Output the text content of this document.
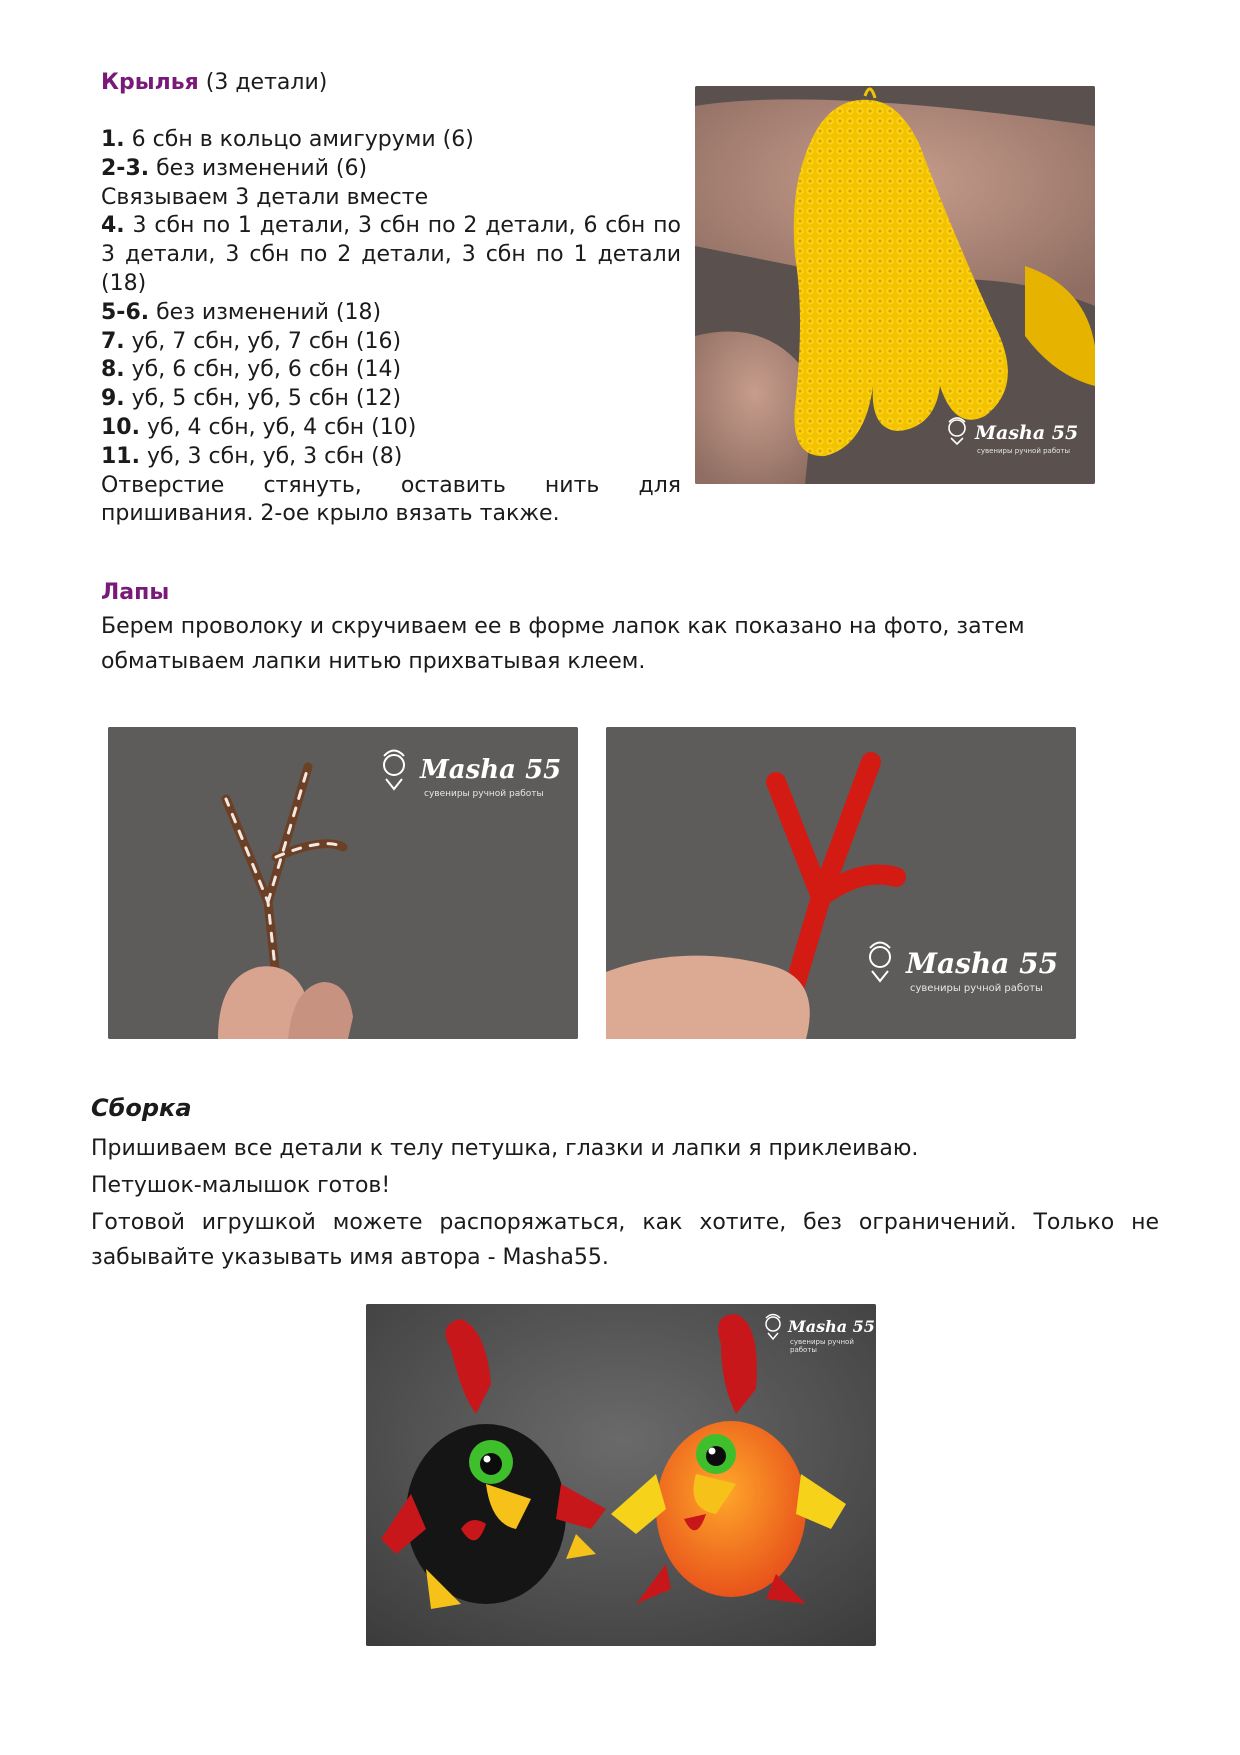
Крылья (3 детали)
1. 6 сбн в кольцо амигуруми (6)
2-3. без изменений (6)
Связываем 3 детали вместе
4. 3 сбн по 1 детали, 3 сбн по 2 детали, 6 сбн по
3 детали, 3 сбн по 2 детали, 3 сбн по 1 детали
(18)
5-6. без изменений (18)
7. уб, 7 сбн, уб, 7 сбн (16)
8. уб, 6 сбн, уб, 6 сбн (14)
9. уб, 5 сбн, уб, 5 сбн (12)
10. уб, 4 сбн, уб, 4 сбн (10)
11. уб, 3 сбн, уб, 3 сбн (8)
Отверстие стянуть, оставить нить для
пришивания. 2-ое крыло вязать также.
Masha 55
сувениры ручной работы
Лапы
Берем проволоку и скручиваем ее в форме лапок как показано на фото, затем
обматываем лапки нитью прихватывая клеем.
Masha 55
сувениры ручной работы
Masha 55
сувениры ручной работы
Сборка
Пришиваем все детали к телу петушка, глазки и лапки я приклеиваю.
Петушок-малышок готов!
Готовой игрушкой можете распоряжаться, как хотите, без ограничений. Только не
забывайте указывать имя автора - Masha55.
Masha 55
сувениры ручной работы
